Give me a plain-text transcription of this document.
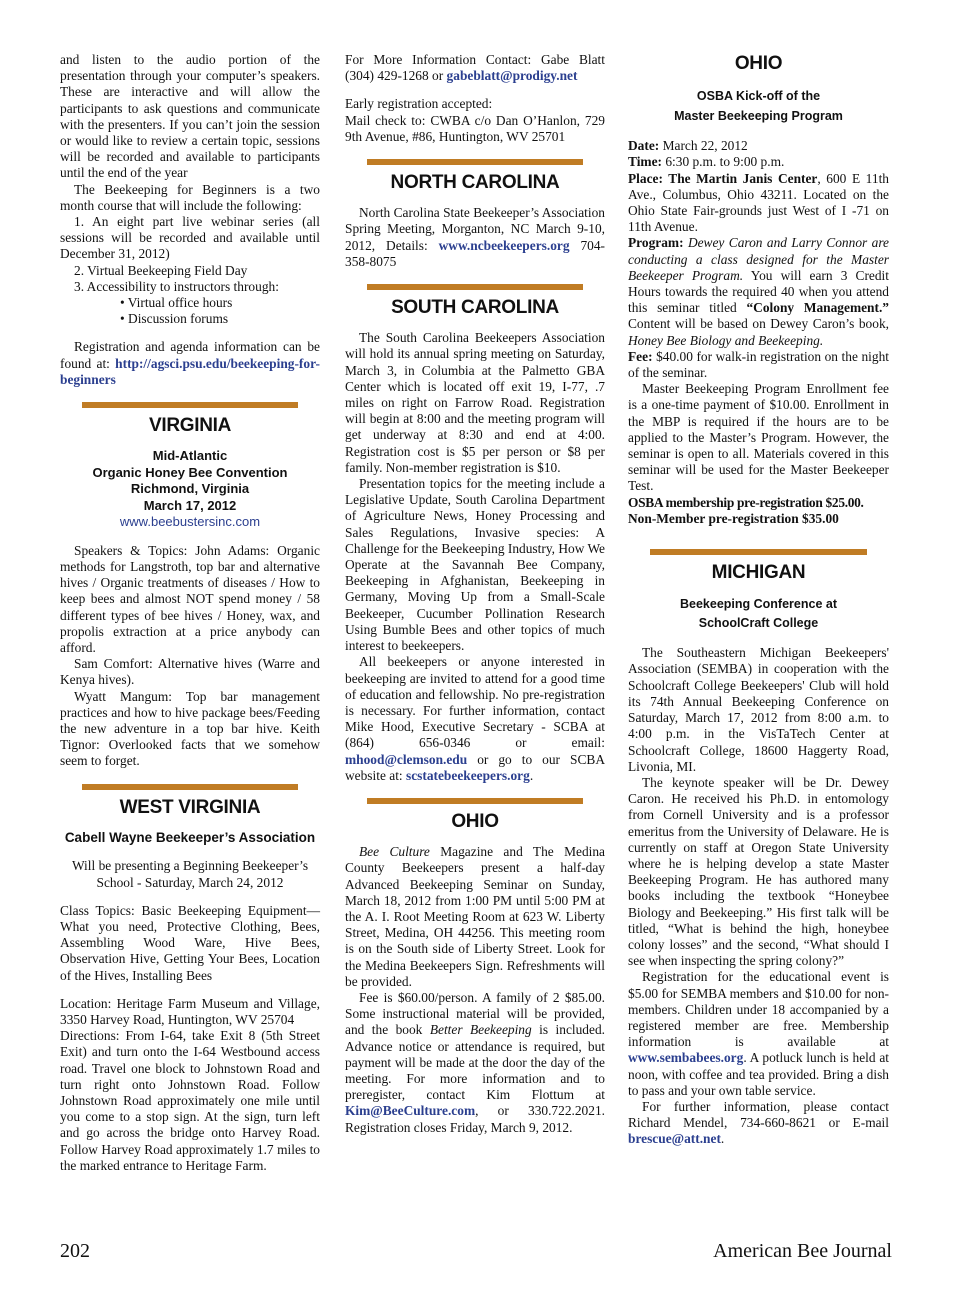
and listen to the audio portion of the presentation through your computer’s speakers. These are interactive and will allow the participants to ask questions and communicate with the presenters. If you can’t join the session or would like to review a certain topic, sessions will be recorded and available to participants until the end of the year

The Beekeeping for Beginners is a two month course that will include the following:

1. An eight part live webinar series (all sessions will be recorded and available until December 31, 2012)

2. Virtual Beekeeping Field Day

3. Accessibility to instructors through:

• Virtual office hours

• Discussion forums

Registration and agenda information can be found at: http://agsci.psu.edu/beekeeping-for-beginners

VIRGINIA
Mid-Atlantic
Organic Honey Bee Convention
Richmond, Virginia
March 17, 2012
www.beebustersinc.com

Speakers & Topics: John Adams: Organic methods for Langstroth, top bar and alternative hives / Organic treatments of diseases / How to keep bees and almost NOT spend money / 58 different types of bee hives / Honey, wax, and propolis extraction at a price anybody can afford.

Sam Comfort: Alternative hives (Warre and Kenya hives).

Wyatt Mangum: Top bar management practices and how to hive package bees/Feeding the new adventure in a top bar hive. Keith Tignor: Overlooked facts that we somehow seem to forget.

WEST VIRGINIA
Cabell Wayne Beekeeper’s Association

Will be presenting a Beginning Beekeeper’s School - Saturday, March 24, 2012

Class Topics: Basic Beekeeping Equipment—What you need, Protective Clothing, Bees, Assembling Wood Ware, Hive Bees, Observation Hive, Getting Your Bees, Location of the Hives, Installing Bees

Location: Heritage Farm Museum and Village, 3350 Harvey Road, Huntington, WV 25704

Directions: From I-64, take Exit 8 (5th Street Exit) and turn onto the I-64 Westbound access road. Travel one block to Johnstown Road and turn right onto Johnstown Road. Follow Johnstown Road approximately one mile until you come to a stop sign. At the sign, turn left and go across the bridge onto Harvey Road. Follow Harvey Road approximately 1.7 miles to the marked entrance to Heritage Farm.

For More Information Contact: Gabe Blatt (304) 429-1268 or gabeblatt@prodigy.net

Early registration accepted:

Mail check to: CWBA c/o Dan O’Hanlon, 729 9th Avenue, #86, Huntington, WV 25701

NORTH CAROLINA

North Carolina State Beekeeper’s Association Spring Meeting, Morganton, NC March 9-10, 2012, Details: www.ncbeekeepers.org 704-358-8075

SOUTH CAROLINA

The South Carolina Beekeepers Association will hold its annual spring meeting on Saturday, March 3, in Columbia at the Palmetto GBA Center which is located off exit 19, I-77, .7 miles on right on Farrow Road. Registration will begin at 8:00 and the meeting program will get underway at 8:30 and end at 4:00. Registration cost is $5 per person or $8 per family. Non-member registration is $10.

Presentation topics for the meeting include a Legislative Update, South Carolina Department of Agriculture News, Honey Processing and Sales Regulations, Invasive species: A Challenge for the Beekeeping Industry, How We Operate at the Savannah Bee Company, Beekeeping in Afghanistan, Beekeeping in Germany, Moving Up from a Small-Scale Beekeeper, Cucumber Pollination Research Using Bumble Bees and other topics of much interest to beekeepers.

All beekeepers or anyone interested in beekeeping are invited to attend for a good time of education and fellowship. No pre-registration is necessary. For further information, contact Mike Hood, Executive Secretary - SCBA at (864) 656-0346 or email: mhood@clemson.edu or go to our SCBA website at: scstatebeekeepers.org.

OHIO

Bee Culture Magazine and The Medina County Beekeepers present a half-day Advanced Beekeeping Seminar on Sunday, March 18, 2012 from 1:00 PM until 5:00 PM at the A. I. Root Meeting Room at 623 W. Liberty Street, Medina, OH 44256. This meeting room is on the South side of Liberty Street. Look for the Medina Beekeepers Sign. Refreshments will be provided.

Fee is $60.00/person. A family of 2 $85.00. Some instructional material will be provided, and the book Better Beekeeping is included. Advance notice or attendance is required, but payment will be made at the door the day of the meeting. For more information and to preregister, contact Kim Flottum at Kim@BeeCulture.com, or 330.722.2021. Registration closes Friday, March 9, 2012.

OHIO
OSBA Kick-off of the
Master Beekeeping Program

Date: March 22, 2012

Time: 6:30 p.m. to 9:00 p.m.

Place: The Martin Janis Center, 600 E 11th Ave., Columbus, Ohio 43211. Located on the Ohio State Fair-grounds just West of I -71 on 11th Avenue.

Program: Dewey Caron and Larry Connor are conducting a class designed for the Master Beekeeper Program. You will earn 3 Credit Hours towards the required 40 when you attend this seminar titled “Colony Management.” Content will be based on Dewey Caron’s book, Honey Bee Biology and Beekeeping.

Fee: $40.00 for walk-in registration on the night of the seminar.

Master Beekeeping Program Enrollment fee is a one-time payment of $10.00. Enrollment in the MBP is required if the hours are to be applied to the Master’s Program. However, the seminar is open to all. Materials covered in this seminar will be used for the Master Beekeeper Test.

OSBA membership pre-registration $25.00.

Non-Member pre-registration $35.00

MICHIGAN
Beekeeping Conference at
SchoolCraft College

The Southeastern Michigan Beekeepers' Association (SEMBA) in cooperation with the Schoolcraft College Beekeepers' Club will hold its 74th Annual Beekeeping Conference on Saturday, March 17, 2012 from 8:00 a.m. to 4:00 p.m. in the VisTaTech Center at Schoolcraft College, 18600 Haggerty Road, Livonia, MI.

The keynote speaker will be Dr. Dewey Caron. He received his Ph.D. in entomology from Cornell University and is a professor emeritus from the University of Delaware. He is currently on staff at Oregon State University where he is helping develop a state Master Beekeeping Program. He has authored many books including the textbook “Honeybee Biology and Beekeeping.” His first talk will be titled, “What is behind the high, honeybee colony losses” and the second, “What should I see when inspecting the spring colony?”

Registration for the educational event is $5.00 for SEMBA members and $10.00 for non-members. Children under 18 accompanied by a registered member are free. Membership information is available at www.sembabees.org. A potluck lunch is held at noon, with coffee and tea provided. Bring a dish to pass and your own table service.

For further information, please contact Richard Mendel, 734-660-8621 or E-mail brescue@att.net.

202	American Bee Journal
